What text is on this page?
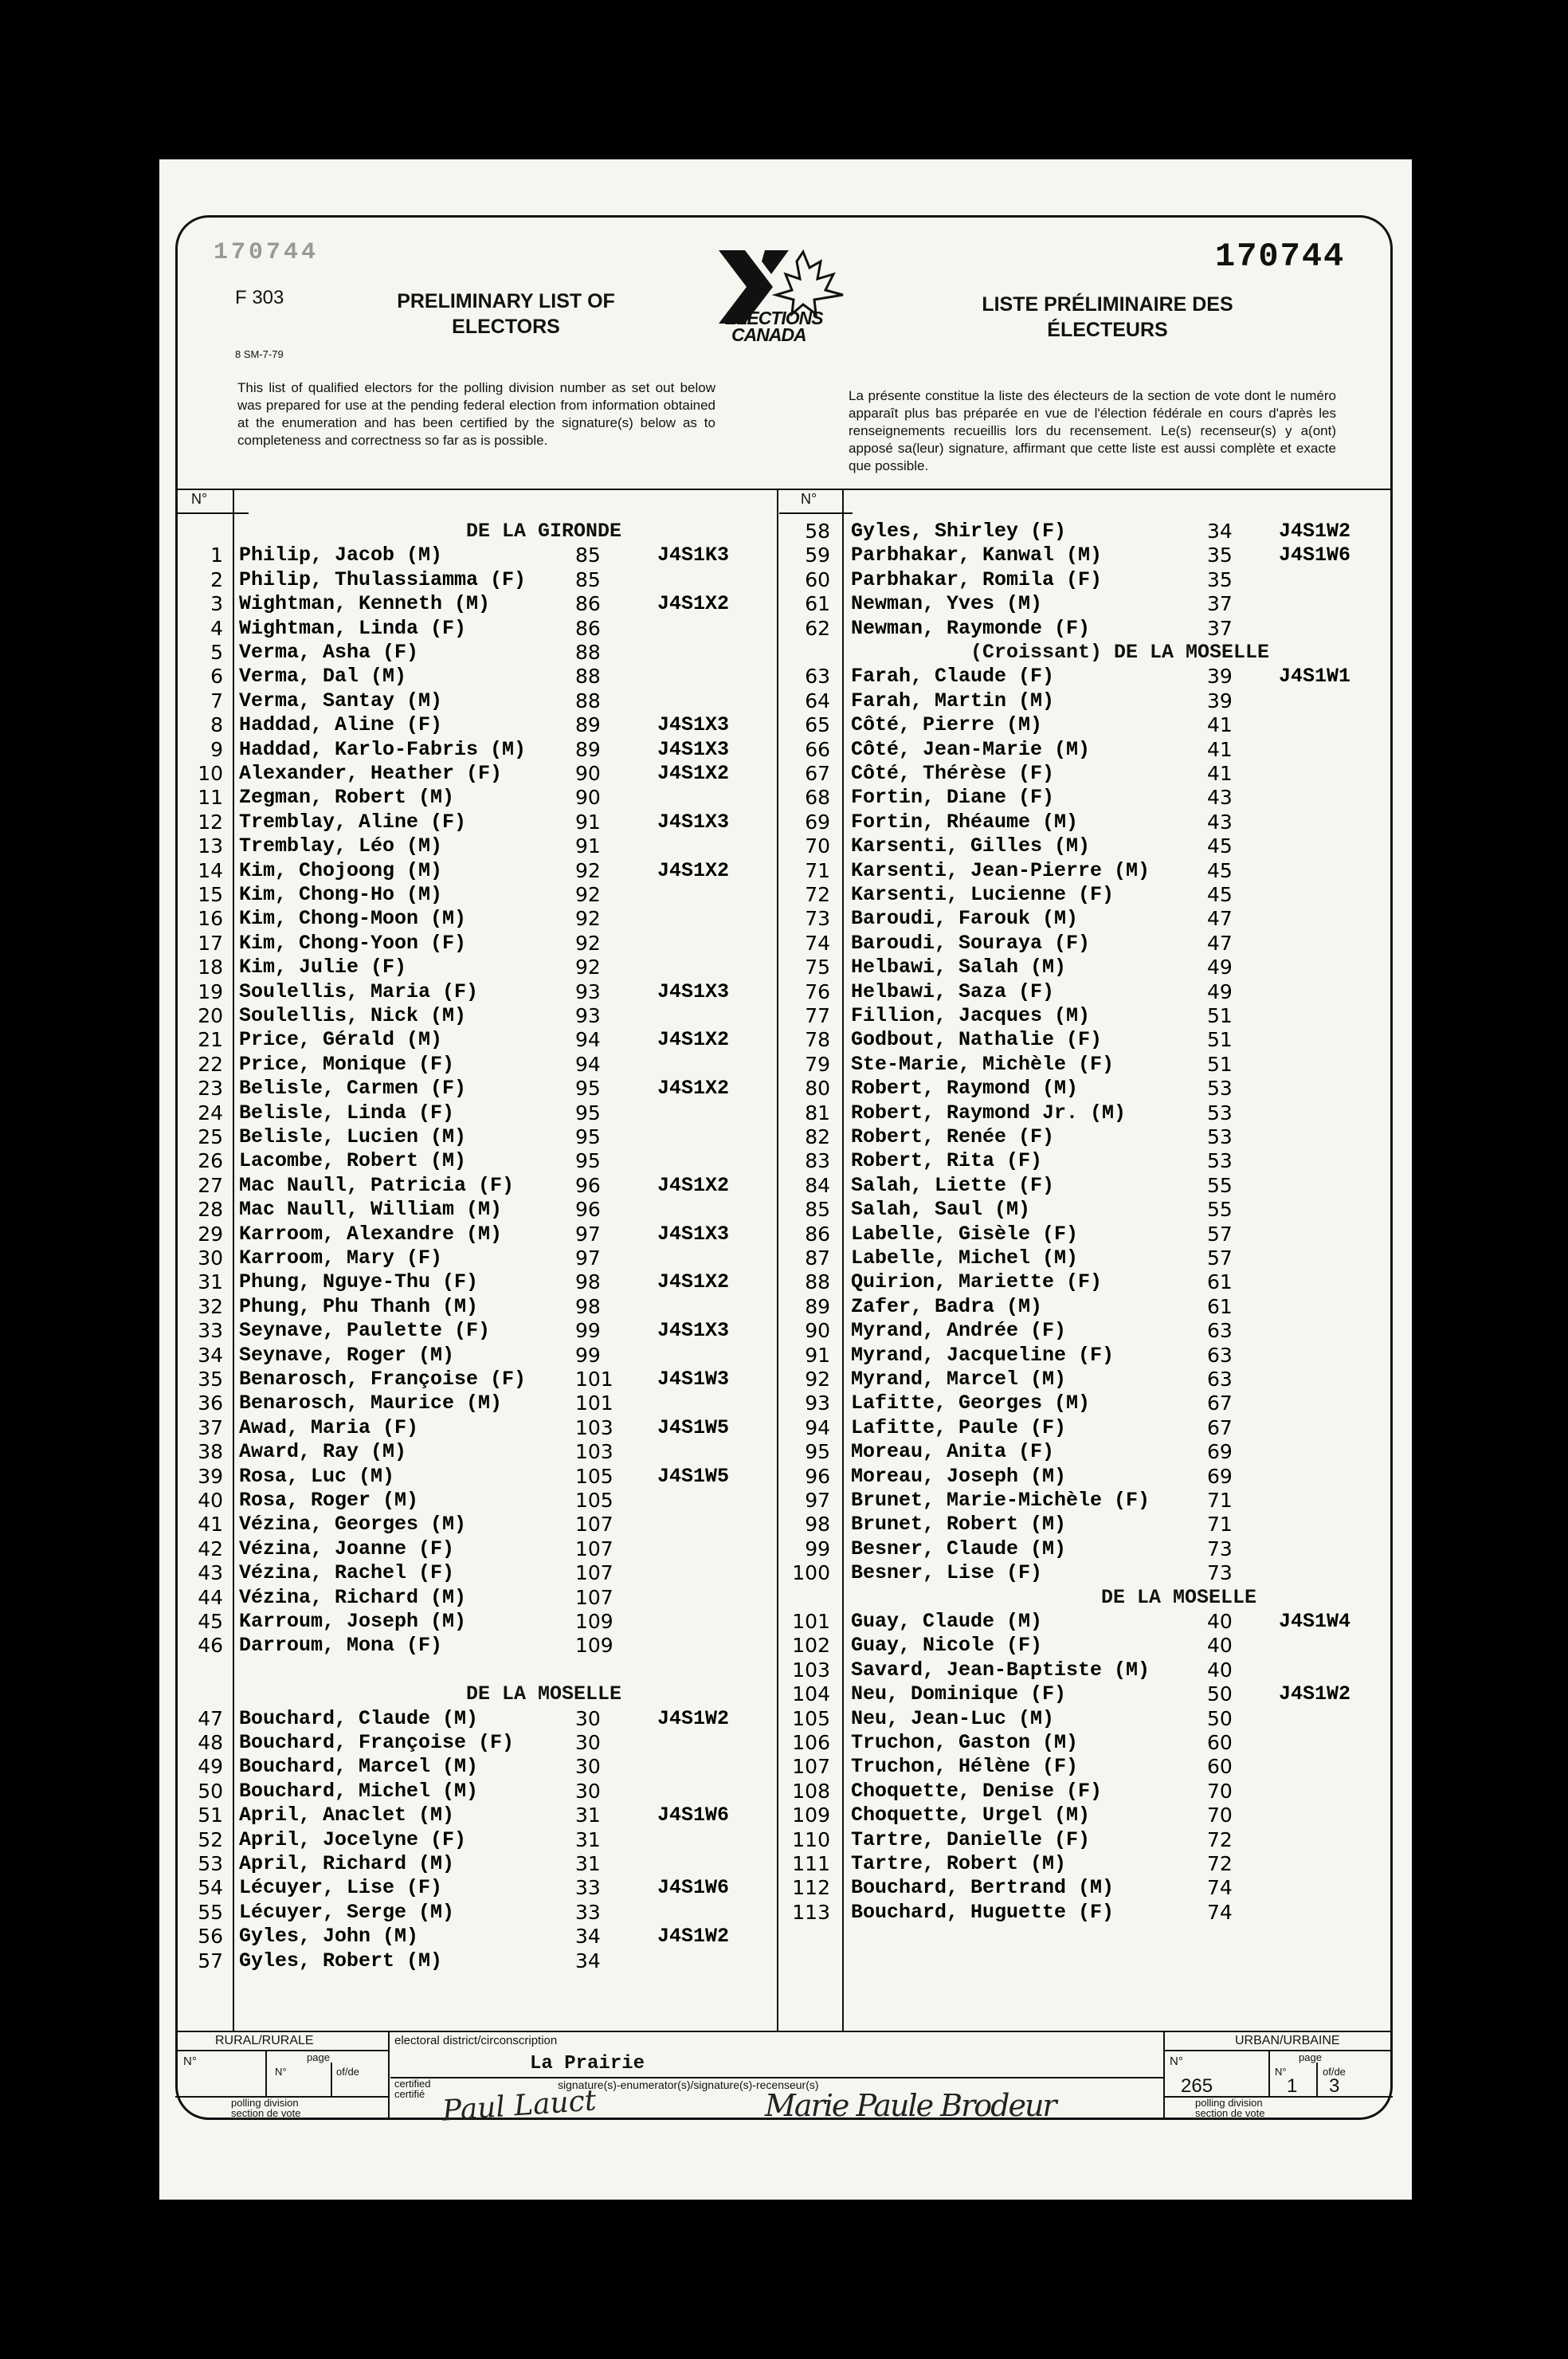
170744	170744
F 303
8 SM-7-79
PRELIMINARY LIST OF
ELECTORS	ELECTIONS
CANADA
LISTE PRÉLIMINAIRE DES
ÉLECTEURS
This list of qualified electors for the polling division number as set out below was prepared for use at the pending federal election from information obtained at the enumeration and has been certified by the signature(s) below as to completeness and correctness so far as is possible.
La présente constitue la liste des électeurs de la section de vote dont le numéro apparaît plus bas préparée en vue de l'élection fédérale en cours d'après les renseignements recueillis lors du recensement. Le(s) recenseur(s) y a(ont) apposé sa(leur) signature, affirmant que cette liste est aussi complète et exacte que possible.
N°	N°
DE LA GIRONDE
1 Philip, Jacob (M)	85	J4S1K3
2 Philip, Thulassiamma (F) 85
3 Wightman, Kenneth (M)	86	J4S1X2
4 Wightman, Linda (F)	86
5 Verma, Asha (F)	88
6 Verma, Dal (M)	88
7 Verma, Santay (M)	88
8 Haddad, Aline (F)	89	J4S1X3
9 Haddad, Karlo-Fabris (M) 89	J4S1X3
10 Alexander, Heather (F)	90	J4S1X2
11 Zegman, Robert (M)	90
12 Tremblay, Aline (F)	91	J4S1X3
13 Tremblay, Léo (M)	91
14 Kim, Chojoong (M)	92	J4S1X2
15 Kim, Chong-Ho (M)	92
16 Kim, Chong-Moon (M)	92
17 Kim, Chong-Yoon (F)	92
18 Kim, Julie (F)	92
19 Soulellis, Maria (F)	93	J4S1X3
20 Soulellis, Nick (M)	93
21 Price, Gérald (M)	94	J4S1X2
22 Price, Monique (F)	94
23 Belisle, Carmen (F)	95	J4S1X2
24 Belisle, Linda (F)	95
25 Belisle, Lucien (M)	95
26 Lacombe, Robert (M)	95
27 Mac Naull, Patricia (F)	96	J4S1X2
28 Mac Naull, William (M)	96
29 Karroom, Alexandre (M)	97	J4S1X3
30 Karroom, Mary (F)	97
31 Phung, Nguye-Thu (F)	98	J4S1X2
32 Phung, Phu Thanh (M)	98
33 Seynave, Paulette (F)	99	J4S1X3
34 Seynave, Roger (M)	99
35 Benarosch, Françoise (F) 101 J4S1W3
36 Benarosch, Maurice (M)	101
37 Awad, Maria (F)	103 J4S1W5
38 Award, Ray (M)	103
39 Rosa, Luc (M)	105 J4S1W5
40 Rosa, Roger (M)	105
41 Vézina, Georges (M)	107
42 Vézina, Joanne (F)	107
43 Vézina, Rachel (F)	107
44 Vézina, Richard (M)	107
45 Karroum, Joseph (M)	109
46 Darroum, Mona (F)	109
DE LA MOSELLE
47 Bouchard, Claude (M)	30	J4S1W2
48 Bouchard, Françoise (F)	30
49 Bouchard, Marcel (M)	30
50 Bouchard, Michel (M)	30
51 April, Anaclet (M)	31	J4S1W6
52 April, Jocelyne (F)	31
53 April, Richard (M)	31
54 Lécuyer, Lise (F)	33	J4S1W6
55 Lécuyer, Serge (M)	33
56 Gyles, John (M)	34	J4S1W2
57 Gyles, Robert (M)	34
58 Gyles, Shirley (F)	34 J4S1W2
59 Parbhakar, Kanwal (M)	35 J4S1W6
60 Parbhakar, Romila (F)	35
61 Newman, Yves (M)	37
62 Newman, Raymonde (F)	37
(Croissant) DE LA MOSELLE
63 Farah, Claude (F)	39 J4S1W1
64 Farah, Martin (M)	39
65 Côté, Pierre (M)	41
66 Côté, Jean-Marie (M)	41
67 Côté, Thérèse (F)	41
68 Fortin, Diane (F)	43
69 Fortin, Rhéaume (M)	43
70 Karsenti, Gilles (M)	45
71 Karsenti, Jean-Pierre (M)	45
72 Karsenti, Lucienne (F)	45
73 Baroudi, Farouk (M)	47
74 Baroudi, Souraya (F)	47
75 Helbawi, Salah (M)	49
76 Helbawi, Saza (F)	49
77 Fillion, Jacques (M)	51
78 Godbout, Nathalie (F)	51
79 Ste-Marie, Michèle (F)	51
80 Robert, Raymond (M)	53
81 Robert, Raymond Jr. (M)	53
82 Robert, Renée (F)	53
83 Robert, Rita (F)	53
84 Salah, Liette (F)	55
85 Salah, Saul (M)	55
86 Labelle, Gisèle (F)	57
87 Labelle, Michel (M)	57
88 Quirion, Mariette (F)	61
89 Zafer, Badra (M)	61
90 Myrand, Andrée (F)	63
91 Myrand, Jacqueline (F)	63
92 Myrand, Marcel (M)	63
93 Lafitte, Georges (M)	67
94 Lafitte, Paule (F)	67
95 Moreau, Anita (F)	69
96 Moreau, Joseph (M)	69
97 Brunet, Marie-Michèle (F)	71
98 Brunet, Robert (M)	71
99 Besner, Claude (M)	73
100 Besner, Lise (F)	73
DE LA MOSELLE
101 Guay, Claude (M)	40 J4S1W4
102 Guay, Nicole (F)	40
103 Savard, Jean-Baptiste (M)	40
104 Neu, Dominique (F)	50 J4S1W2
105 Neu, Jean-Luc (M)	50
106 Truchon, Gaston (M)	60
107 Truchon, Hélène (F)	60
108 Choquette, Denise (F)	70
109 Choquette, Urgel (M)	70
110 Tartre, Danielle (F)	72
111 Tartre, Robert (M)	72
112 Bouchard, Bertrand (M)	74
113 Bouchard, Huguette (F)	74
RURAL/RURALE
N°	page
N°	of/de
polling division
section de vote
electoral district/circonscription
La Prairie
certified
certifié
signature(s)-enumerator(s)/signature(s)-recenseur(s)
Paul Lauct	Marie Paule Brodeur
URBAN/URBAINE
N°	page
N°	of/de
265	1 3
polling division
section de vote
